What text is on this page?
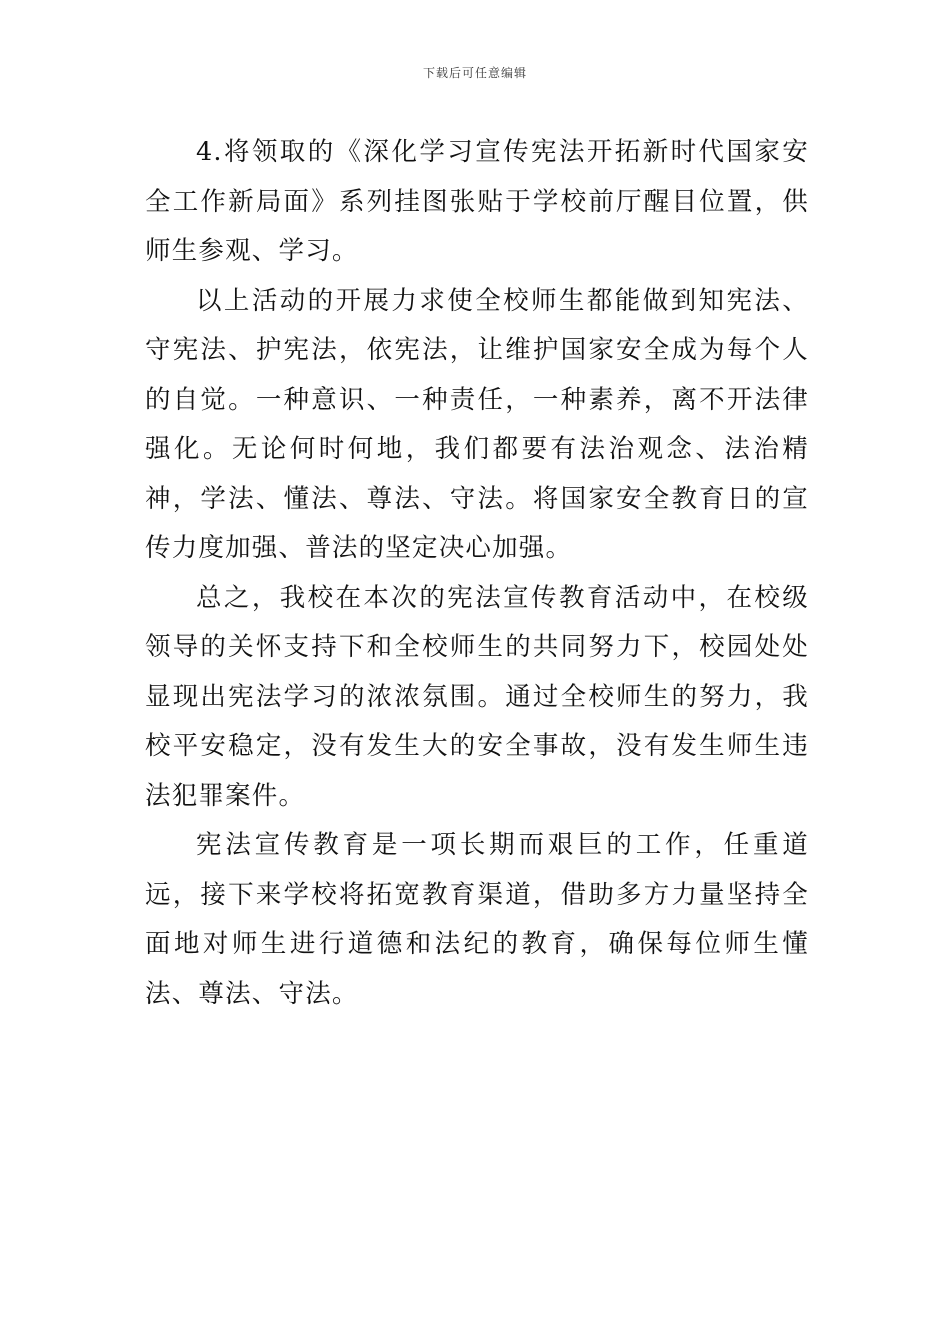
下载后可任意编辑

4.将领取的《深化学习宣传宪法开拓新时代国家安全工作新局面》系列挂图张贴于学校前厅醒目位置，供师生参观、学习。

以上活动的开展力求使全校师生都能做到知宪法、守宪法、护宪法，依宪法，让维护国家安全成为每个人的自觉。一种意识、一种责任，一种素养，离不开法律强化。无论何时何地，我们都要有法治观念、法治精神，学法、懂法、尊法、守法。将国家安全教育日的宣传力度加强、普法的坚定决心加强。

总之，我校在本次的宪法宣传教育活动中，在校级领导的关怀支持下和全校师生的共同努力下，校园处处显现出宪法学习的浓浓氛围。通过全校师生的努力，我校平安稳定，没有发生大的安全事故，没有发生师生违法犯罪案件。

宪法宣传教育是一项长期而艰巨的工作，任重道远，接下来学校将拓宽教育渠道，借助多方力量坚持全面地对师生进行道德和法纪的教育，确保每位师生懂法、尊法、守法。
